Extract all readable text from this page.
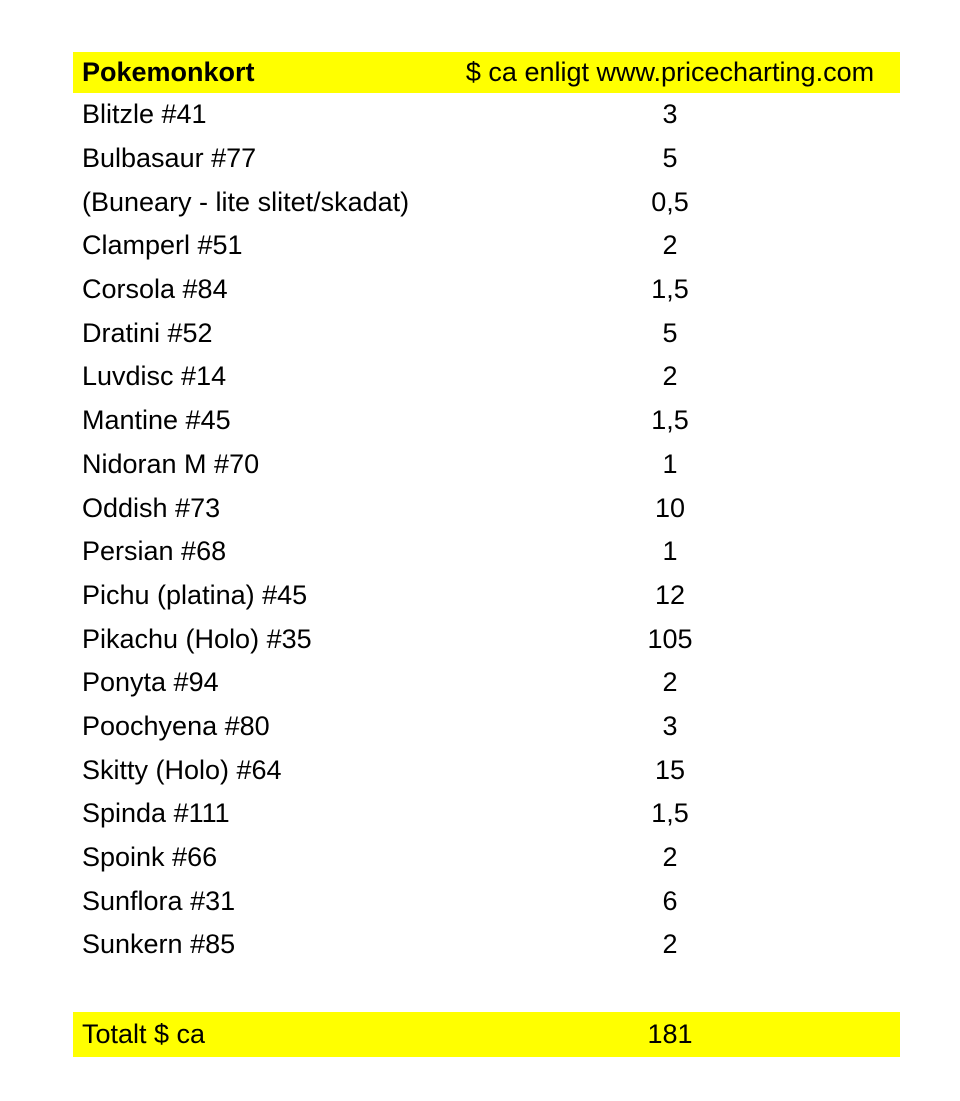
Pokemonkort	$ ca enligt www.pricecharting.com
Blitzle #41	3
Bulbasaur #77	5
(Buneary - lite slitet/skadat)	0,5
Clamperl #51	2
Corsola #84	1,5
Dratini #52	5
Luvdisc #14	2
Mantine #45	1,5
Nidoran M #70	1
Oddish #73	10
Persian #68	1
Pichu (platina) #45	12
Pikachu (Holo) #35	105
Ponyta #94	2
Poochyena #80	3
Skitty (Holo) #64	15
Spinda #111	1,5
Spoink #66	2
Sunflora #31	6
Sunkern #85	2
Totalt $ ca	181
